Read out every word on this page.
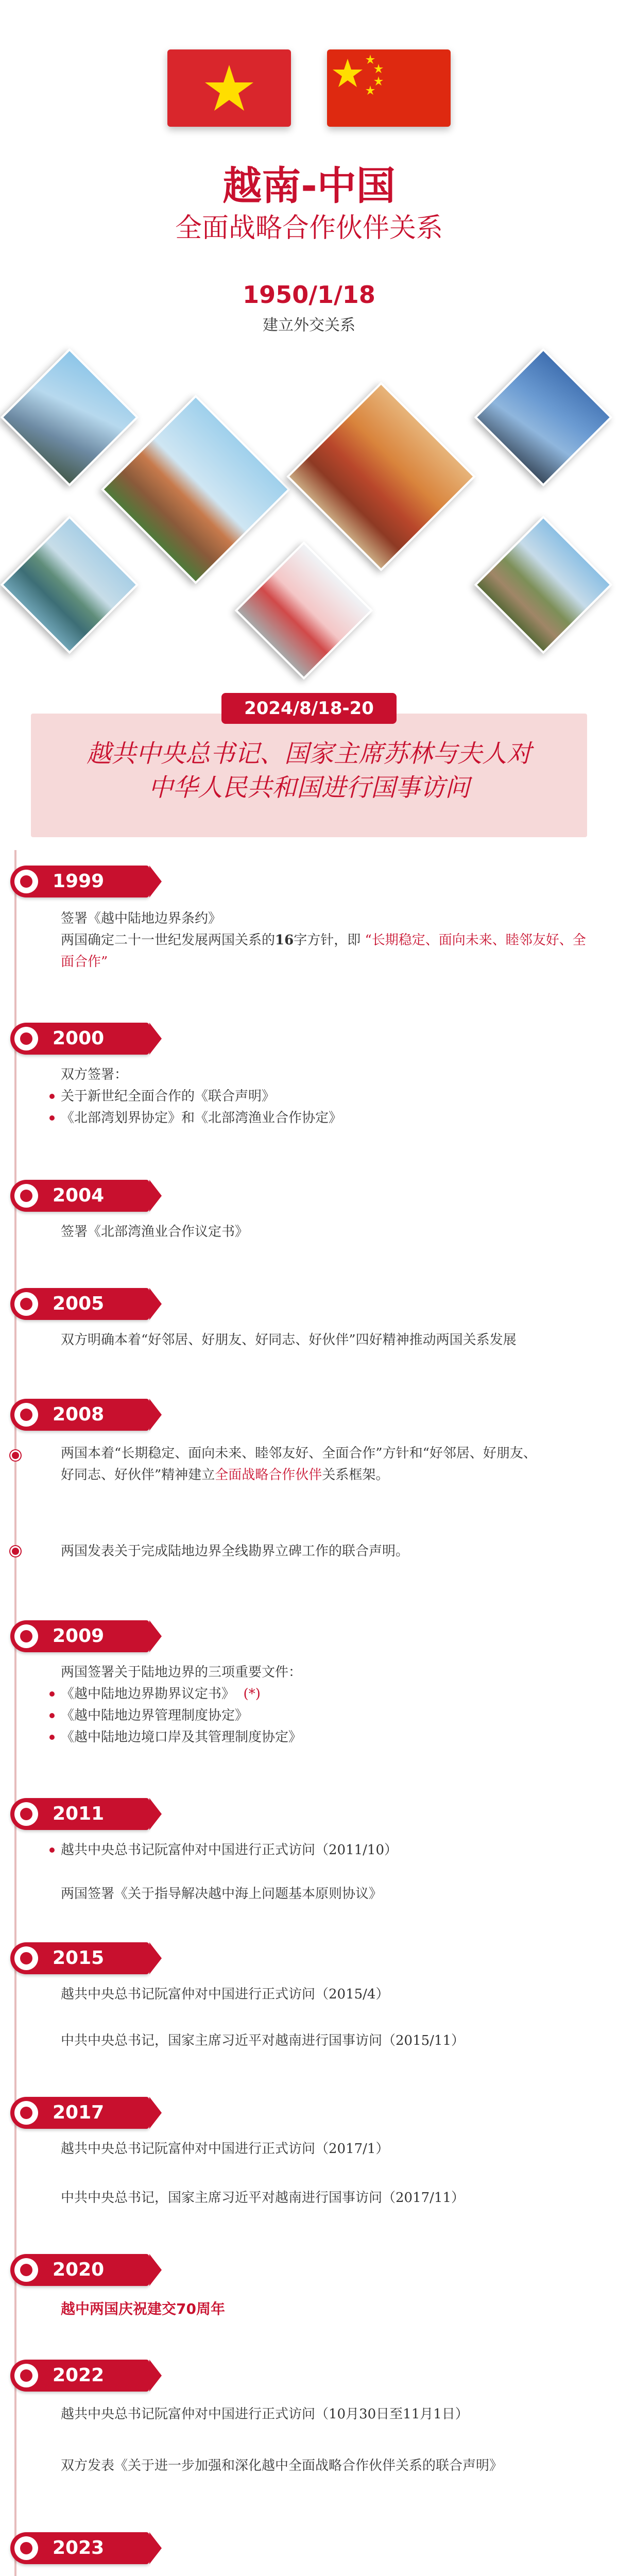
越南-中国
全面战略合作伙伴关系
1950/1/18
建立外交关系
2024/8/18-20
越共中央总书记、国家主席苏林与夫人对
中华人民共和国进行国事访问
1999
签署《越中陆地边界条约》
两国确定二十一世纪发展两国关系的16字方针，即 “长期稳定、面向未来、睦邻友好、全面合作”
2000
双方签署：
关于新世纪全面合作的《联合声明》
《北部湾划界协定》和《北部湾渔业合作协定》
2004
签署《北部湾渔业合作议定书》
2005
双方明确本着“好邻居、好朋友、好同志、好伙伴”四好精神推动两国关系发展
2008
两国本着“长期稳定、面向未来、睦邻友好、全面合作”方针和“好邻居、好朋友、
好同志、好伙伴”精神建立全面战略合作伙伴关系框架。
两国发表关于完成陆地边界全线勘界立碑工作的联合声明。
2009
两国签署关于陆地边界的三项重要文件：
《越中陆地边界勘界议定书》 (*)
《越中陆地边界管理制度协定》
《越中陆地边境口岸及其管理制度协定》
2011
越共中央总书记阮富仲对中国进行正式访问（2011/10）
两国签署《关于指导解决越中海上问题基本原则协议》
2015
越共中央总书记阮富仲对中国进行正式访问（2015/4）
中共中央总书记，国家主席习近平对越南进行国事访问（2015/11）
2017
越共中央总书记阮富仲对中国进行正式访问（2017/1）
中共中央总书记，国家主席习近平对越南进行国事访问（2017/11）
2020
越中两国庆祝建交70周年
2022
越共中央总书记阮富仲对中国进行正式访问（10月30日至11月1日）
双方发表《关于进一步加强和深化越中全面战略合作伙伴关系的联合声明》
2023
